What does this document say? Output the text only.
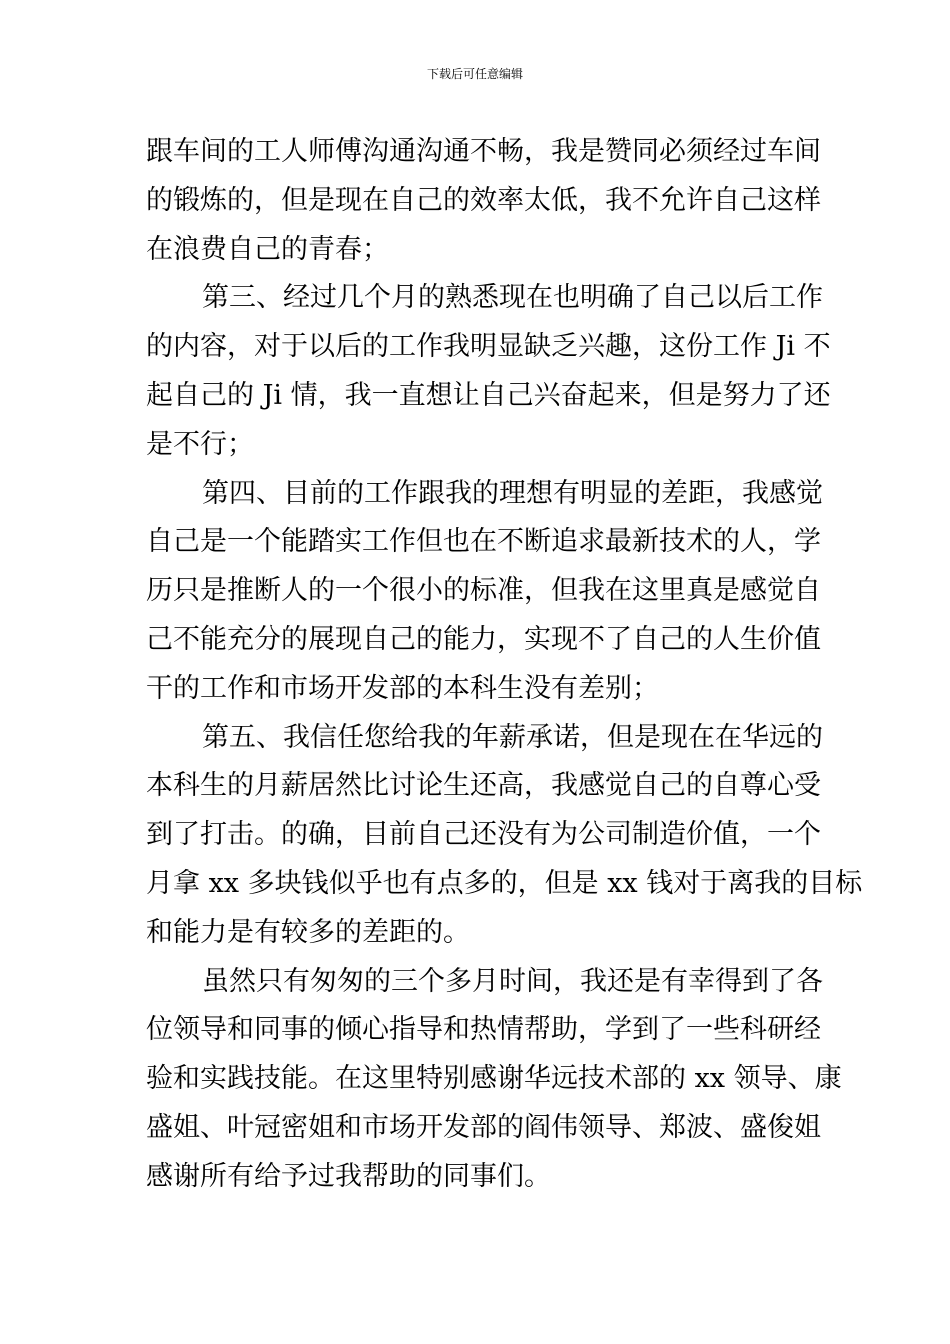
下载后可任意编辑
跟车间的工人师傅沟通沟通不畅，我是赞同必须经过车间
的锻炼的，但是现在自己的效率太低，我不允许自己这样
在浪费自己的青春；
第三、经过几个月的熟悉现在也明确了自己以后工作
的内容，对于以后的工作我明显缺乏兴趣，这份工作 Ji 不
起自己的 Ji 情，我一直想让自己兴奋起来，但是努力了还
是不行；
第四、目前的工作跟我的理想有明显的差距，我感觉
自己是一个能踏实工作但也在不断追求最新技术的人，学
历只是推断人的一个很小的标准，但我在这里真是感觉自
己不能充分的展现自己的能力，实现不了自己的人生价值
干的工作和市场开发部的本科生没有差别；
第五、我信任您给我的年薪承诺，但是现在在华远的
本科生的月薪居然比讨论生还高，我感觉自己的自尊心受
到了打击。的确，目前自己还没有为公司制造价值，一个
月拿 xx 多块钱似乎也有点多的，但是 xx 钱对于离我的目标
和能力是有较多的差距的。
虽然只有匆匆的三个多月时间，我还是有幸得到了各
位领导和同事的倾心指导和热情帮助，学到了一些科研经
验和实践技能。在这里特别感谢华远技术部的 xx 领导、康
盛姐、叶冠密姐和市场开发部的阎伟领导、郑波、盛俊姐
感谢所有给予过我帮助的同事们。
